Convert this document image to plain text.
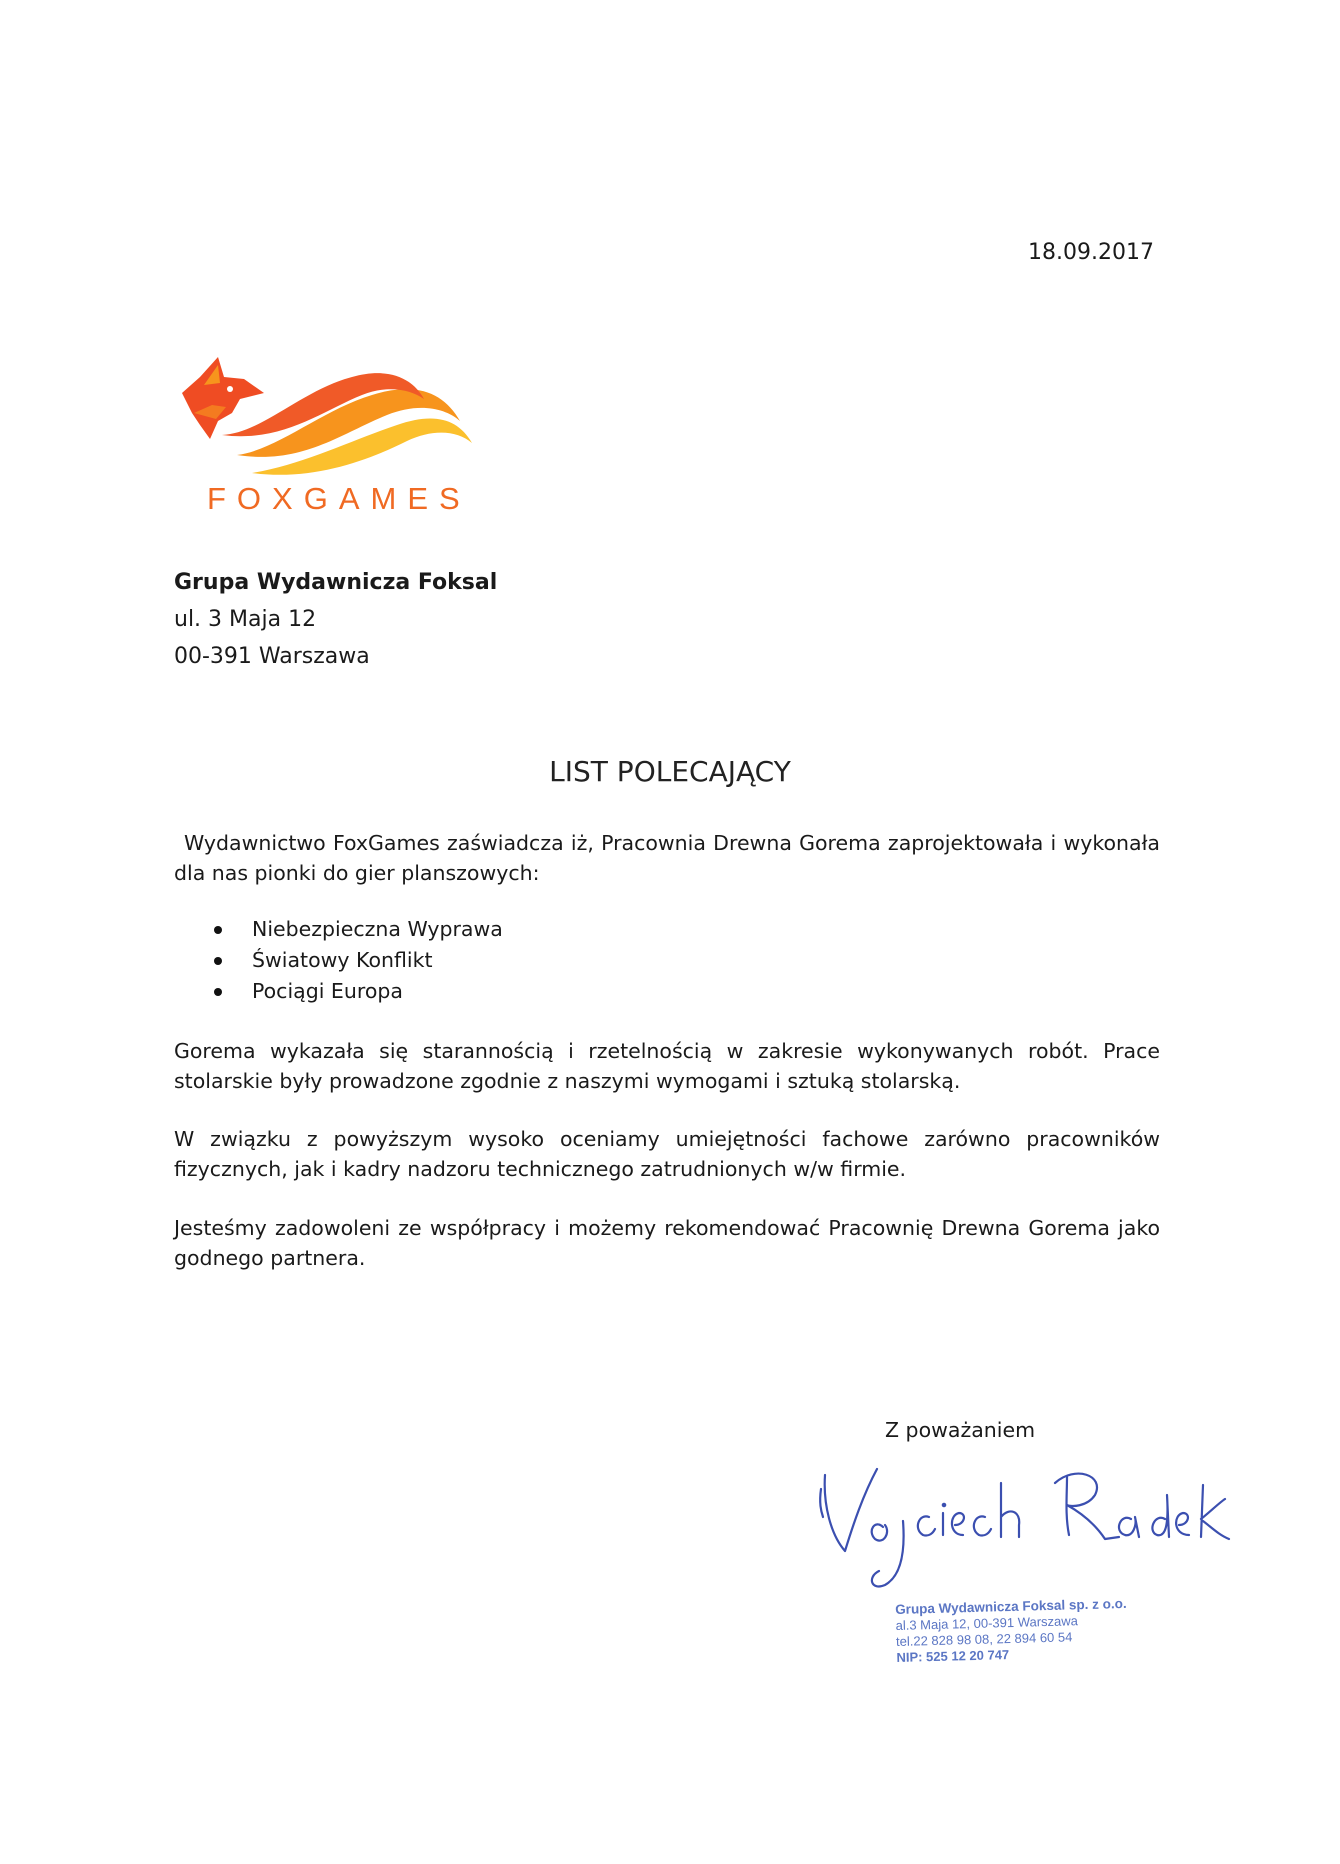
18.09.2017
FOXGAMES
Grupa Wydawnicza Foksal
ul. 3 Maja 12
00-391 Warszawa
LIST POLECAJĄCY
Wydawnictwo FoxGames zaświadcza iż, Pracownia Drewna Gorema zaprojektowała i wykonała dla nas pionki do gier planszowych:
Niebezpieczna Wyprawa
Światowy Konflikt
Pociągi Europa
Gorema wykazała się starannością i rzetelnością w zakresie wykonywanych robót. Prace stolarskie były prowadzone zgodnie z naszymi wymogami i sztuką stolarską.
W związku z powyższym wysoko oceniamy umiejętności fachowe zarówno pracowników fizycznych, jak i kadry nadzoru technicznego zatrudnionych w/w firmie.
Jesteśmy zadowoleni ze współpracy i możemy rekomendować Pracownię Drewna Gorema jako godnego partnera.
Z poważaniem
Grupa Wydawnicza Foksal sp. z o.o.
al.3 Maja 12, 00-391 Warszawa
tel.22 828 98 08, 22 894 60 54
NIP: 525 12 20 747
